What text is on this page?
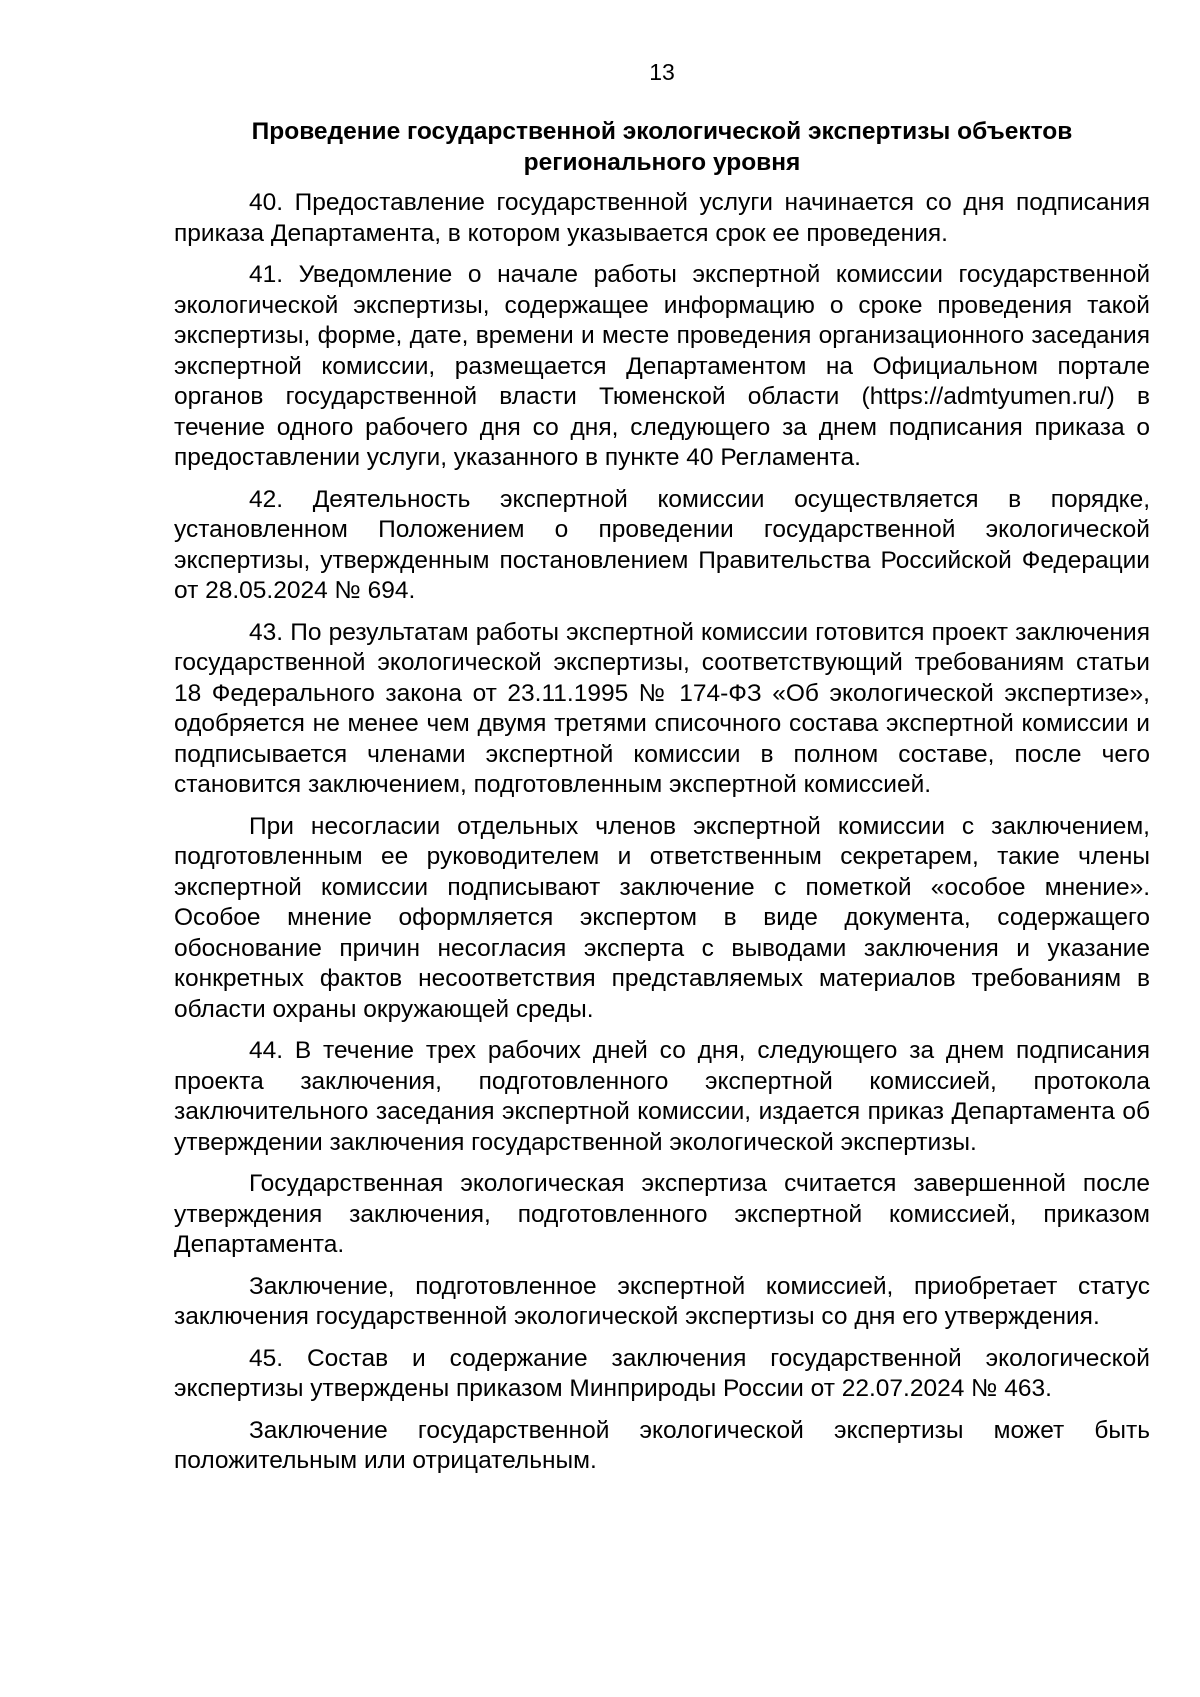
13
Проведение государственной экологической экспертизы объектов регионального уровня

40. Предоставление государственной услуги начинается со дня подписания приказа Департамента, в котором указывается срок ее проведения.

41. Уведомление о начале работы экспертной комиссии государственной экологической экспертизы, содержащее информацию о сроке проведения такой экспертизы, форме, дате, времени и месте проведения организационного заседания экспертной комиссии, размещается Департаментом на Официальном портале органов государственной власти Тюменской области (https://admtyumen.ru/) в течение одного рабочего дня со дня, следующего за днем подписания приказа о предоставлении услуги, указанного в пункте 40 Регламента.

42. Деятельность экспертной комиссии осуществляется в порядке, установленном Положением о проведении государственной экологической экспертизы, утвержденным постановлением Правительства Российской Федерации от 28.05.2024 № 694.

43. По результатам работы экспертной комиссии готовится проект заключения государственной экологической экспертизы, соответствующий требованиям статьи 18 Федерального закона от 23.11.1995 № 174-ФЗ «Об экологической экспертизе», одобряется не менее чем двумя третями списочного состава экспертной комиссии и подписывается членами экспертной комиссии в полном составе, после чего становится заключением, подготовленным экспертной комиссией.

При несогласии отдельных членов экспертной комиссии с заключением, подготовленным ее руководителем и ответственным секретарем, такие члены экспертной комиссии подписывают заключение с пометкой «особое мнение». Особое мнение оформляется экспертом в виде документа, содержащего обоснование причин несогласия эксперта с выводами заключения и указание конкретных фактов несоответствия представляемых материалов требованиям в области охраны окружающей среды.

44. В течение трех рабочих дней со дня, следующего за днем подписания проекта заключения, подготовленного экспертной комиссией, протокола заключительного заседания экспертной комиссии, издается приказ Департамента об утверждении заключения государственной экологической экспертизы.

Государственная экологическая экспертиза считается завершенной после утверждения заключения, подготовленного экспертной комиссией, приказом Департамента.

Заключение, подготовленное экспертной комиссией, приобретает статус заключения государственной экологической экспертизы со дня его утверждения.

45. Состав и содержание заключения государственной экологической экспертизы утверждены приказом Минприроды России от 22.07.2024 № 463.

Заключение государственной экологической экспертизы может быть положительным или отрицательным.
